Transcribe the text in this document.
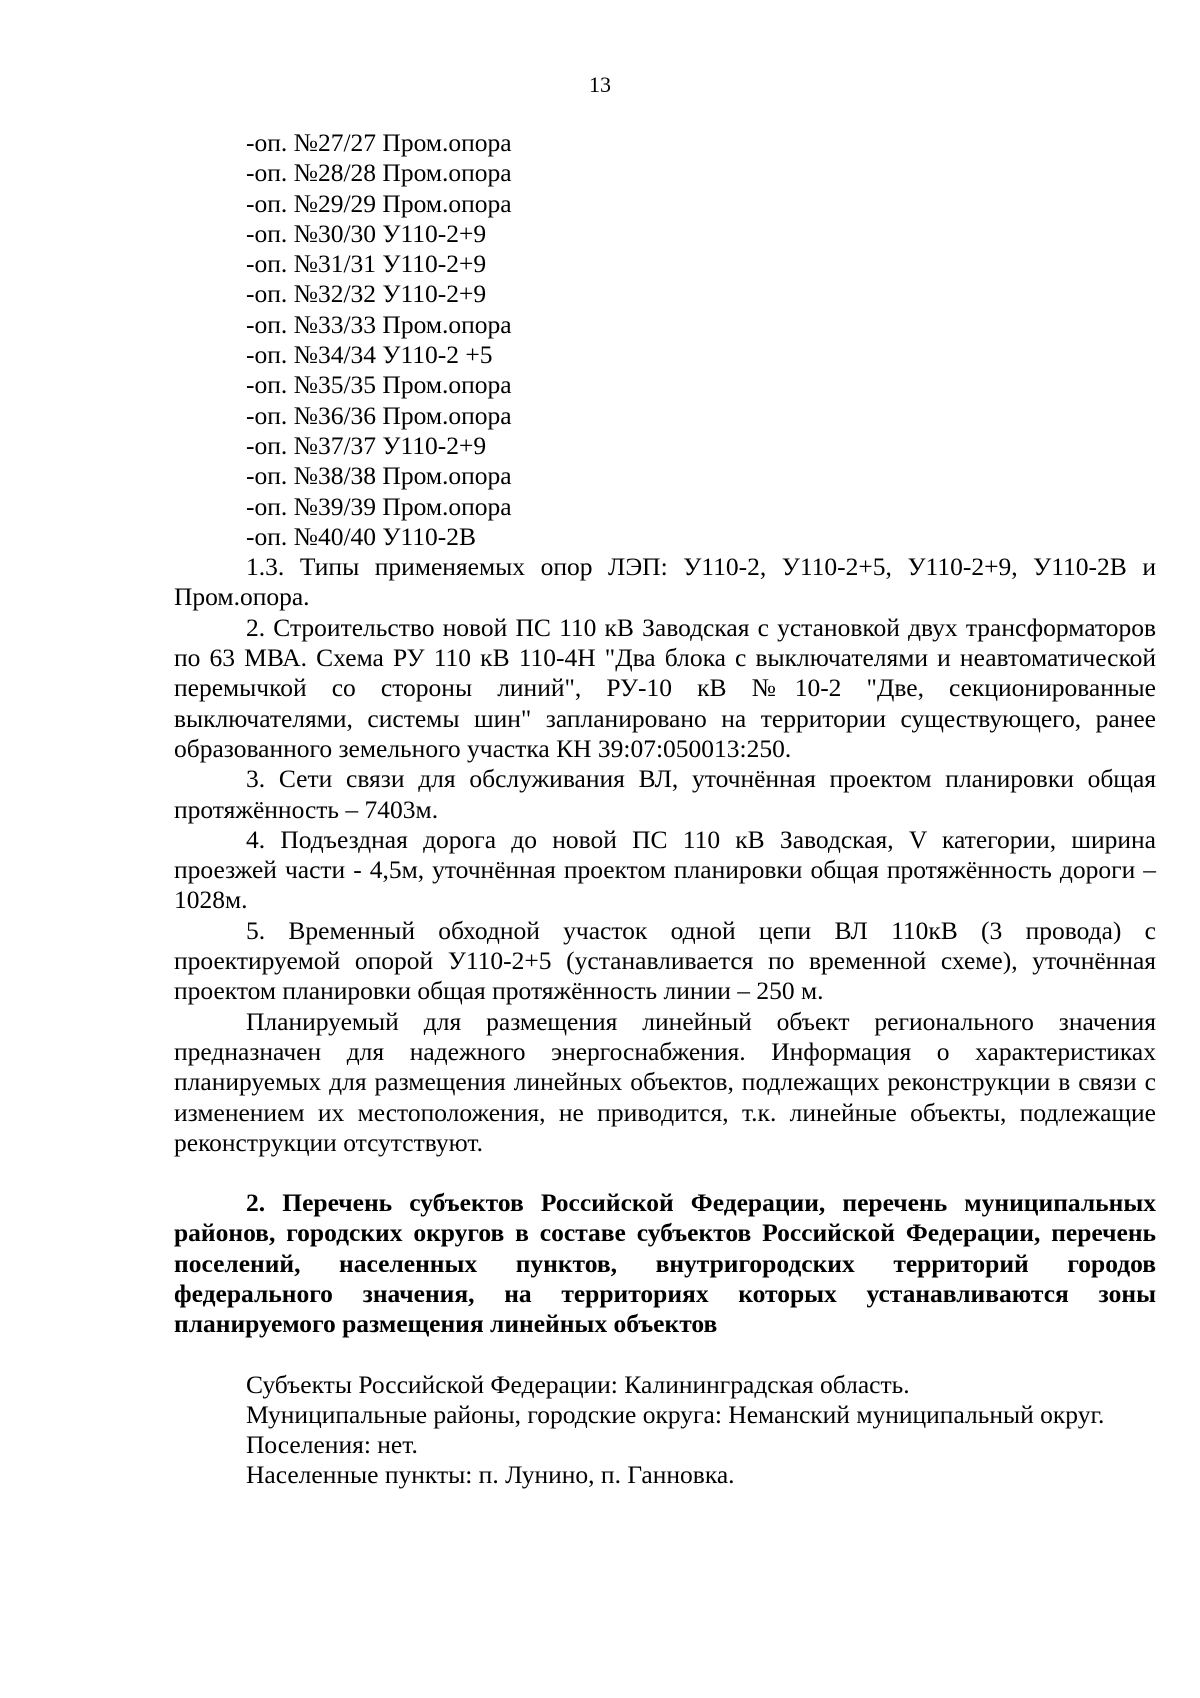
13
-оп. №27/27 Пром.опора
-оп. №28/28 Пром.опора
-оп. №29/29 Пром.опора
-оп. №30/30 У110-2+9
-оп. №31/31 У110-2+9
-оп. №32/32 У110-2+9
-оп. №33/33 Пром.опора
-оп. №34/34 У110-2 +5
-оп. №35/35 Пром.опора
-оп. №36/36 Пром.опора
-оп. №37/37 У110-2+9
-оп. №38/38 Пром.опора
-оп. №39/39 Пром.опора
-оп. №40/40 У110-2В

1.3. Типы применяемых опор ЛЭП: У110-2, У110-2+5, У110-2+9, У110-2В и Пром.опора.

2. Строительство новой ПС 110 кВ Заводская с установкой двух трансформаторов по 63 МВА. Схема РУ 110 кВ 110-4Н "Два блока с выключателями и неавтоматической перемычкой со стороны линий", РУ-10 кВ №10-2 "Две, секционированные выключателями, системы шин" запланировано на территории существующего, ранее образованного земельного участка КН 39:07:050013:250.

3. Сети связи для обслуживания ВЛ, уточнённая проектом планировки общая протяжённость – 7403м.

4. Подъездная дорога до новой ПС 110 кВ Заводская, V категории, ширина проезжей части - 4,5м, уточнённая проектом планировки общая протяжённость дороги – 1028м.

5. Временный обходной участок одной цепи ВЛ 110кВ (3 провода) с проектируемой опорой У110-2+5 (устанавливается по временной схеме), уточнённая проектом планировки общая протяжённость линии – 250 м.

Планируемый для размещения линейный объект регионального значения предназначен для надежного энергоснабжения. Информация о характеристиках планируемых для размещения линейных объектов, подлежащих реконструкции в связи с изменением их местоположения, не приводится, т.к. линейные объекты, подлежащие реконструкции отсутствуют.

2. Перечень субъектов Российской Федерации, перечень муниципальных районов, городских округов в составе субъектов Российской Федерации, перечень поселений, населенных пунктов, внутригородских территорий городов федерального значения, на территориях которых устанавливаются зоны планируемого размещения линейных объектов

Субъекты Российской Федерации: Калининградская область.
Муниципальные районы, городские округа: Неманский муниципальный округ.
Поселения: нет.
Населенные пункты: п. Лунино, п. Ганновка.
